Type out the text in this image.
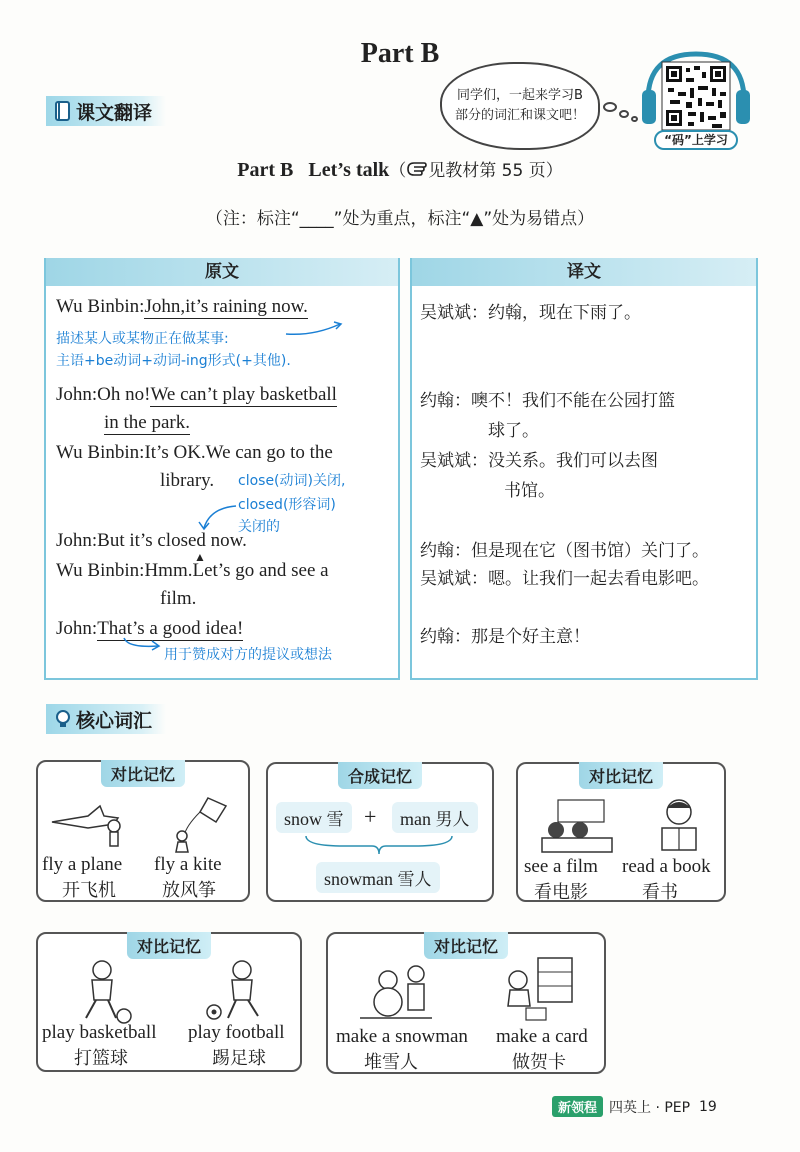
Part B
课文翻译
同学们，一起来学习B部分的词汇和课文吧！
“码”上学习
Part B Let’s talk（ 见教材第 55 页）
（注：标注“____”处为重点，标注“▲”处为易错点）
原文
Wu Binbin:John,it’s raining now.
描述某人或某物正在做某事:
主语+be动词+动词-ing形式(+其他).
John:Oh no!We can’t play basketball
in the park.
Wu Binbin:It’s OK.We can go to the
library. close(动词)关闭,
closed(形容词)
关闭的
John:But it’s closed now.
▲
Wu Binbin:Hmm.Let’s go and see a
film.
John:That’s a good idea!
用于赞成对方的提议或想法
译文
吴斌斌：约翰，现在下雨了。
约翰：噢不！我们不能在公园打篮
球了。
吴斌斌：没关系。我们可以去图
书馆。
约翰：但是现在它（图书馆）关门了。
吴斌斌：嗯。让我们一起去看电影吧。
约翰：那是个好主意！
核心词汇
对比记忆
fly a plane
开飞机
fly a kite
放风筝
合成记忆
snow 雪 +	man 男人
snowman 雪人
对比记忆
see a film
看电影
read a book
看书
对比记忆
play basketball
打篮球
play football
踢足球
对比记忆
make a snowman
堆雪人
make a card
做贺卡
新领程 四英上 · PEP
19
